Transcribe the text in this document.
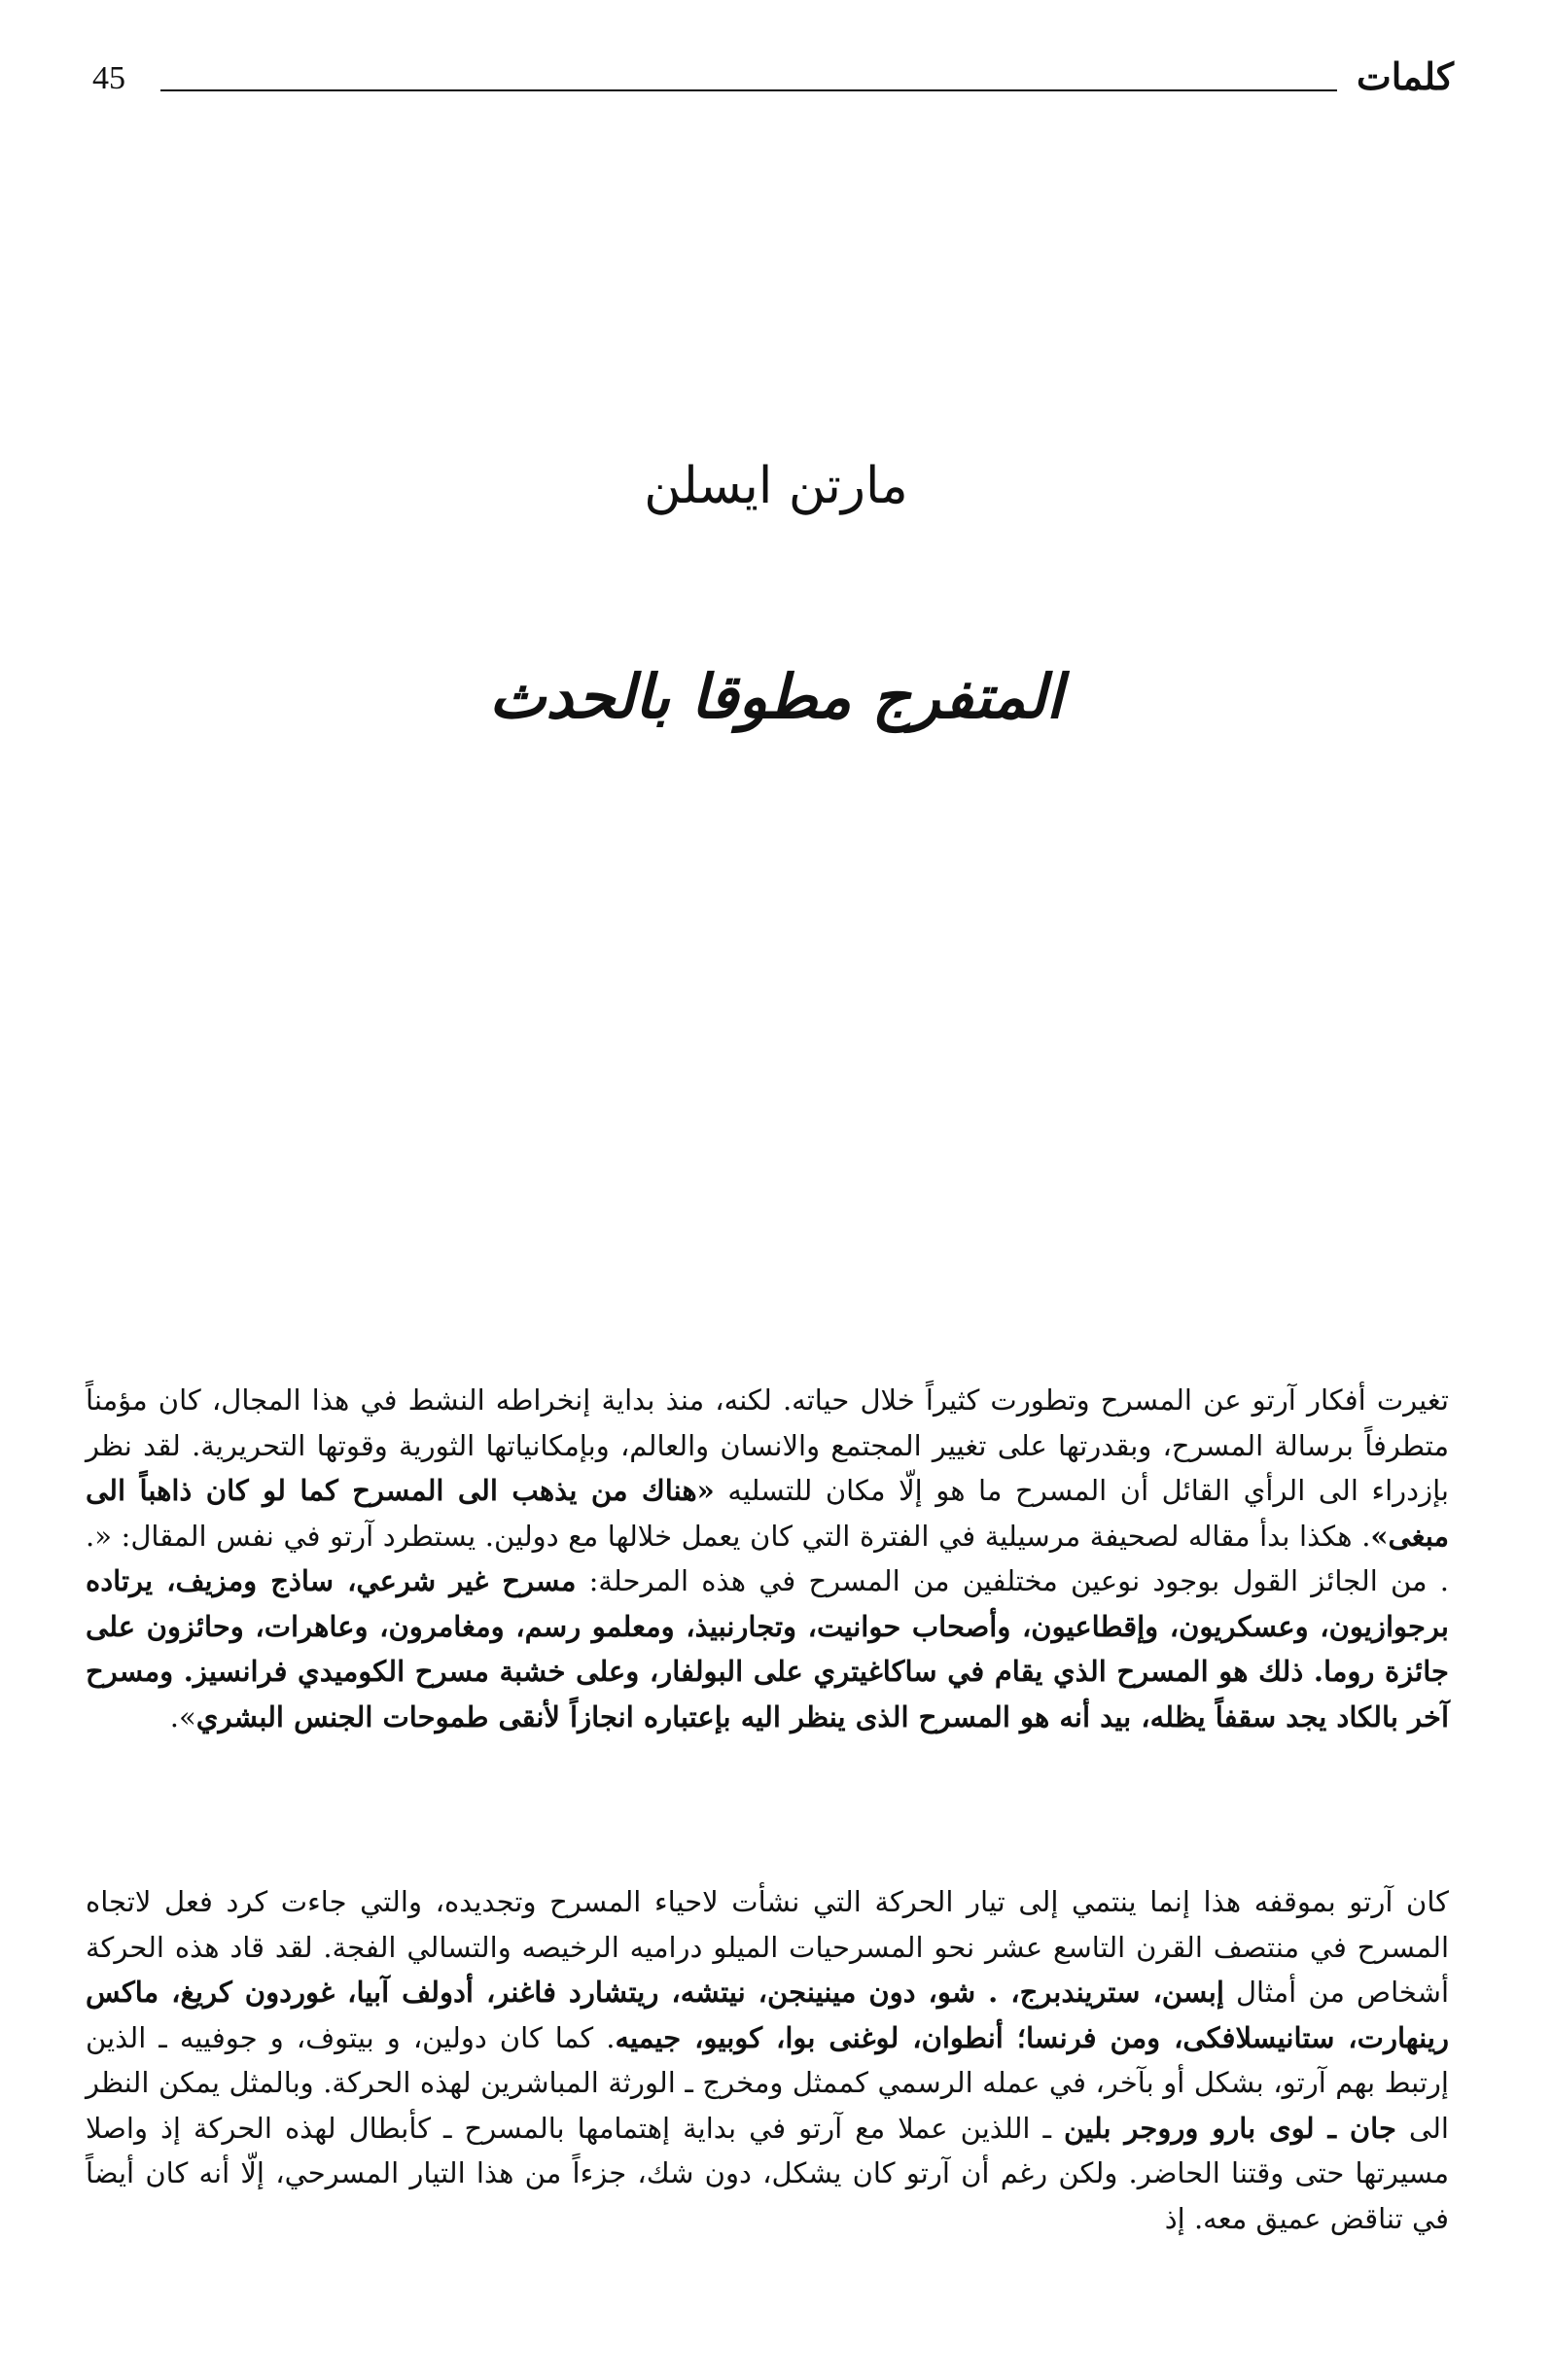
45	كلمات
مارتن ايسلن
المتفرج مطوقا بالحدث

تغيرت أفكار آرتو عن المسرح وتطورت كثيراً خلال حياته. لكنه، منذ بداية إنخراطه النشط في هذا المجال، كان مؤمناً متطرفاً برسالة المسرح، وبقدرتها على تغيير المجتمع والانسان والعالم، وبإمكانياتها الثورية وقوتها التحريرية. لقد نظر بإزدراء الى الرأي القائل أن المسرح ما هو إلّا مكان للتسليه «هناك من يذهب الى المسرح كما لو كان ذاهباً الى مبغى». هكذا بدأ مقاله لصحيفة مرسيلية في الفترة التي كان يعمل خلالها مع دولين. يستطرد آرتو في نفس المقال: «. . من الجائز القول بوجود نوعين مختلفين من المسرح في هذه المرحلة: مسرح غير شرعي، ساذج ومزيف، يرتاده برجوازيون، وعسكريون، وإقطاعيون، وأصحاب حوانيت، وتجارنبيذ، ومعلمو رسم، ومغامرون، وعاهرات، وحائزون على جائزة روما. ذلك هو المسرح الذي يقام في ساكاغيتري على البولفار، وعلى خشبة مسرح الكوميدي فرانسيز. ومسرح آخر بالكاد يجد سقفاً يظله، بيد أنه هو المسرح الذى ينظر اليه بإعتباره انجازاً لأنقى طموحات الجنس البشري».

كان آرتو بموقفه هذا إنما ينتمي إلى تيار الحركة التي نشأت لاحياء المسرح وتجديده، والتي جاءت كرد فعل لاتجاه المسرح في منتصف القرن التاسع عشر نحو المسرحيات الميلو دراميه الرخيصه والتسالي الفجة. لقد قاد هذه الحركة أشخاص من أمثال إبسن، ستريندبرج، . شو، دون مينينجن، نيتشه، ريتشارد فاغنر، أدولف آبيا، غوردون كريغ، ماكس رينهارت، ستانيسلافكى، ومن فرنسا؛ أنطوان، لوغنى بوا، كوبيو، جيميه. كما كان دولين، و بيتوف، و جوفييه ـ الذين إرتبط بهم آرتو، بشكل أو بآخر، في عمله الرسمي كممثل ومخرج ـ الورثة المباشرين لهذه الحركة. وبالمثل يمكن النظر الى جان ـ لوى بارو وروجر بلين ـ اللذين عملا مع آرتو في بداية إهتمامها بالمسرح ـ كأبطال لهذه الحركة إذ واصلا مسيرتها حتى وقتنا الحاضر. ولكن رغم أن آرتو كان يشكل، دون شك، جزءاً من هذا التيار المسرحي، إلّا أنه كان أيضاً في تناقض عميق معه. إذ
